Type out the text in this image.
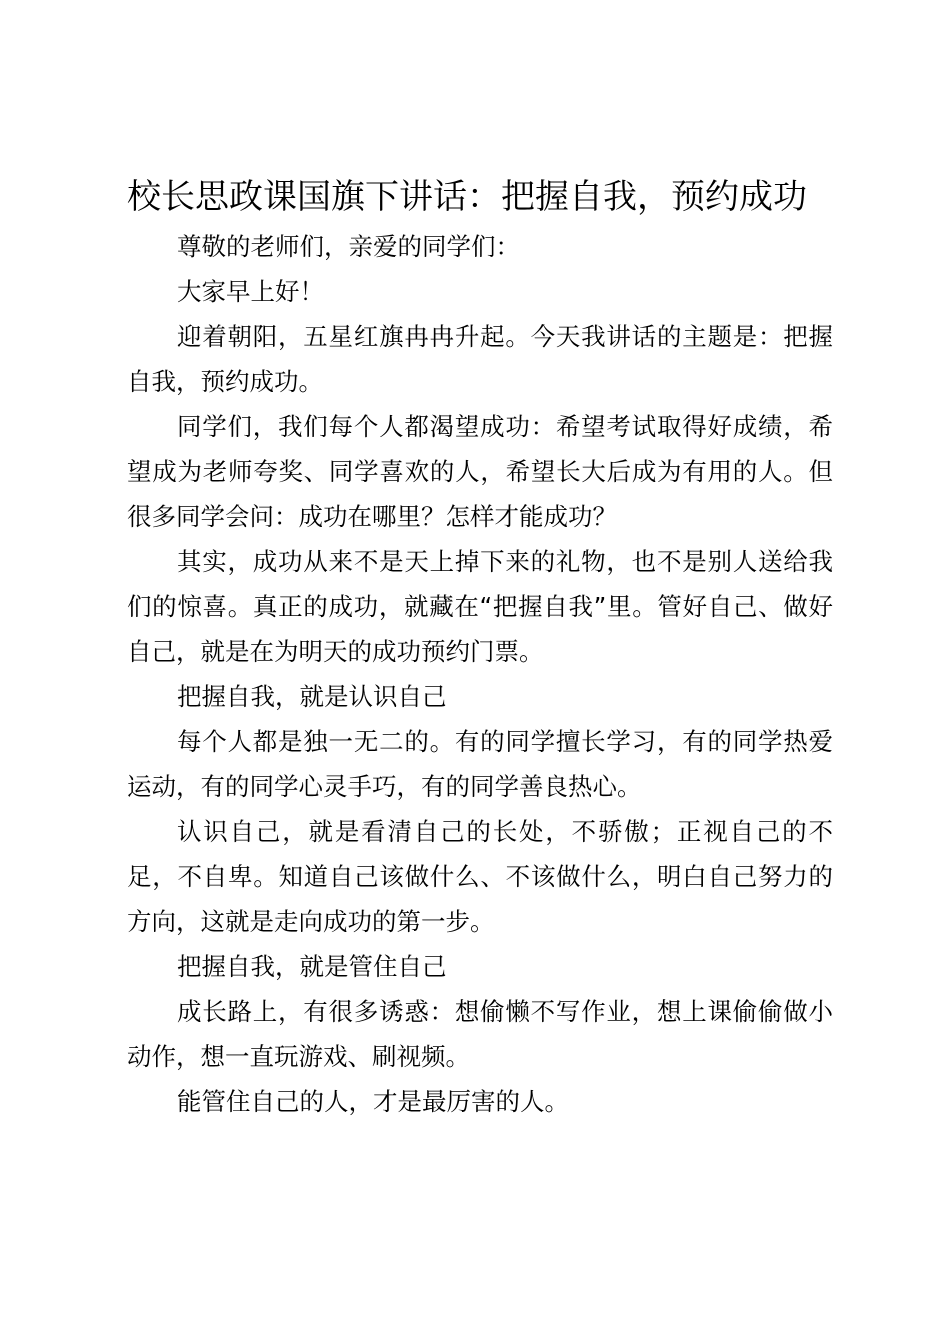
校长思政课国旗下讲话：把握自我，预约成功

尊敬的老师们，亲爱的同学们：

大家早上好！

迎着朝阳，五星红旗冉冉升起。今天我讲话的主题是：把握自我，预约成功。

同学们，我们每个人都渴望成功：希望考试取得好成绩，希望成为老师夸奖、同学喜欢的人，希望长大后成为有用的人。但很多同学会问：成功在哪里？怎样才能成功？

其实，成功从来不是天上掉下来的礼物，也不是别人送给我们的惊喜。真正的成功，就藏在“把握自我”里。管好自己、做好自己，就是在为明天的成功预约门票。

把握自我，就是认识自己

每个人都是独一无二的。有的同学擅长学习，有的同学热爱运动，有的同学心灵手巧，有的同学善良热心。

认识自己，就是看清自己的长处，不骄傲；正视自己的不足，不自卑。知道自己该做什么、不该做什么，明白自己努力的方向，这就是走向成功的第一步。

把握自我，就是管住自己

成长路上，有很多诱惑：想偷懒不写作业，想上课偷偷做小动作，想一直玩游戏、刷视频。

能管住自己的人，才是最厉害的人。
